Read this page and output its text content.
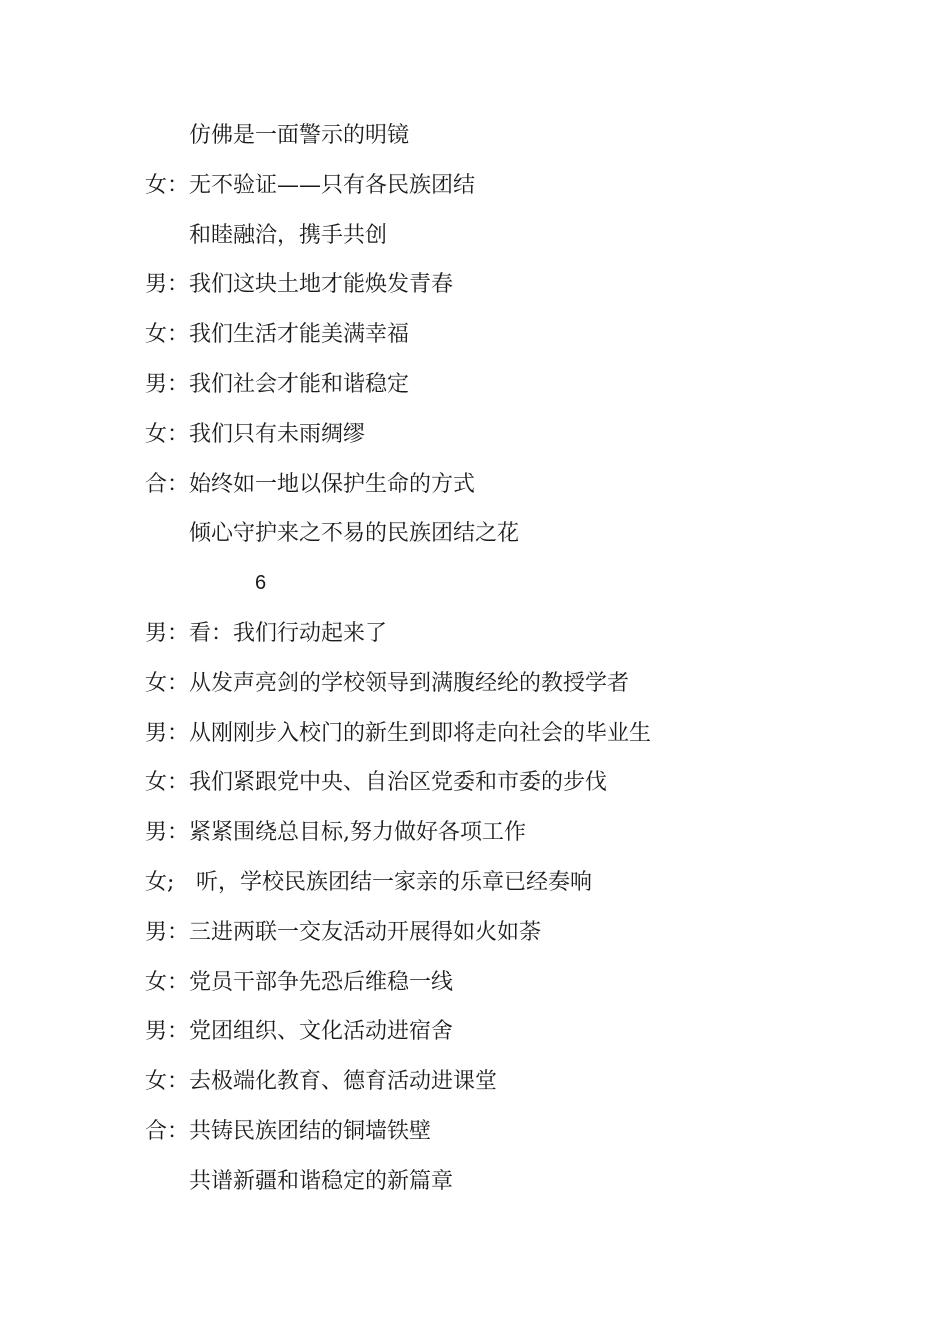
仿佛是一面警示的明镜
女： 无不验证——只有各民族团结
和睦融洽，携手共创
男： 我们这块土地才能焕发青春
女： 我们生活才能美满幸福
男： 我们社会才能和谐稳定
女： 我们只有未雨绸缪
合： 始终如一地以保护生命的方式
倾心守护来之不易的民族团结之花
6
男： 看：我们行动起来了
女： 从发声亮剑的学校领导到满腹经纶的教授学者
男： 从刚刚步入校门的新生到即将走向社会的毕业生
女： 我们紧跟党中央、自治区党委和市委的步伐
男： 紧紧围绕总目标,努力做好各项工作
女; 听，学校民族团结一家亲的乐章已经奏响
男： 三进两联一交友活动开展得如火如荼
女： 党员干部争先恐后维稳一线
男： 党团组织、文化活动进宿舍
女： 去极端化教育、德育活动进课堂
合： 共铸民族团结的铜墙铁壁
共谱新疆和谐稳定的新篇章
